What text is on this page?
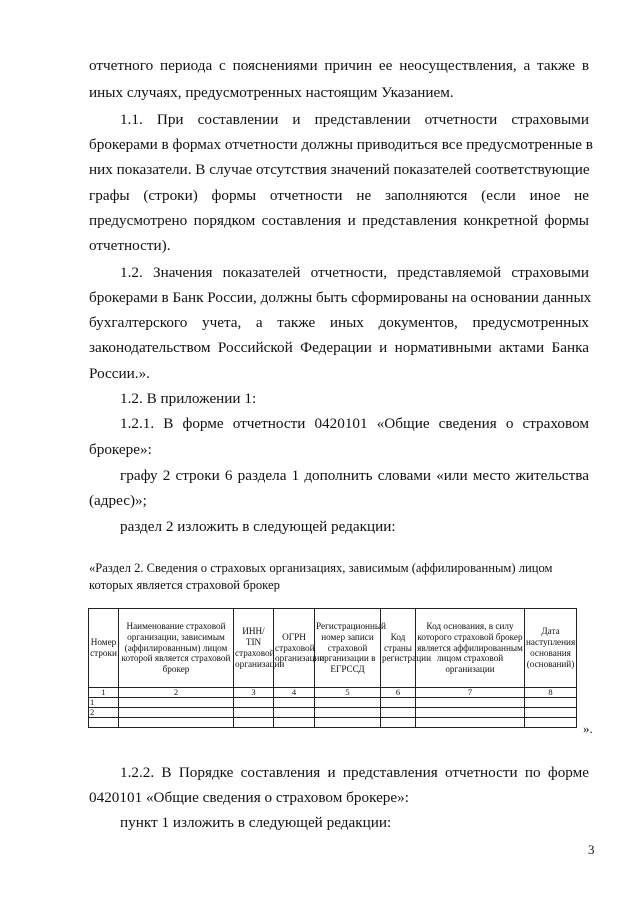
отчетного периода с пояснениями причин ее неосуществления, а также в
иных случаях, предусмотренных настоящим Указанием.
1.1. При составлении и представлении отчетности страховыми
брокерами в формах отчетности должны приводиться все предусмотренные в
них показатели. В случае отсутствия значений показателей соответствующие
графы (строки) формы отчетности не заполняются (если иное не
предусмотрено порядком составления и представления конкретной формы
отчетности).
1.2. Значения показателей отчетности, представляемой страховыми
брокерами в Банк России, должны быть сформированы на основании данных
бухгалтерского учета, а также иных документов, предусмотренных
законодательством Российской Федерации и нормативными актами Банка
России.».
1.2. В приложении 1:
1.2.1. В форме отчетности 0420101 «Общие сведения о страховом
брокере»:
графу 2 строки 6 раздела 1 дополнить словами «или место жительства
(адрес)»;
раздел 2 изложить в следующей редакции:
«Раздел 2. Сведения о страховых организациях, зависимым (аффилированным) лицом
которых является страховой брокер
Номер строки	Наименование страховой организации, зависимым (аффилированным) лицом которой является страховой брокер	ИНН/ TIN страховой организации	ОГРН страховой организации	Регистрационный номер записи страховой организации в ЕГРССД	Код страны регистрации	Код основания, в силу которого страховой брокер является аффилированным лицом страховой организации	Дата наступления основания (оснований)
1	2	3	4	5	6	7	8
1							
2							

».
1.2.2. В Порядке составления и представления отчетности по форме
0420101 «Общие сведения о страховом брокере»:
пункт 1 изложить в следующей редакции:
3
